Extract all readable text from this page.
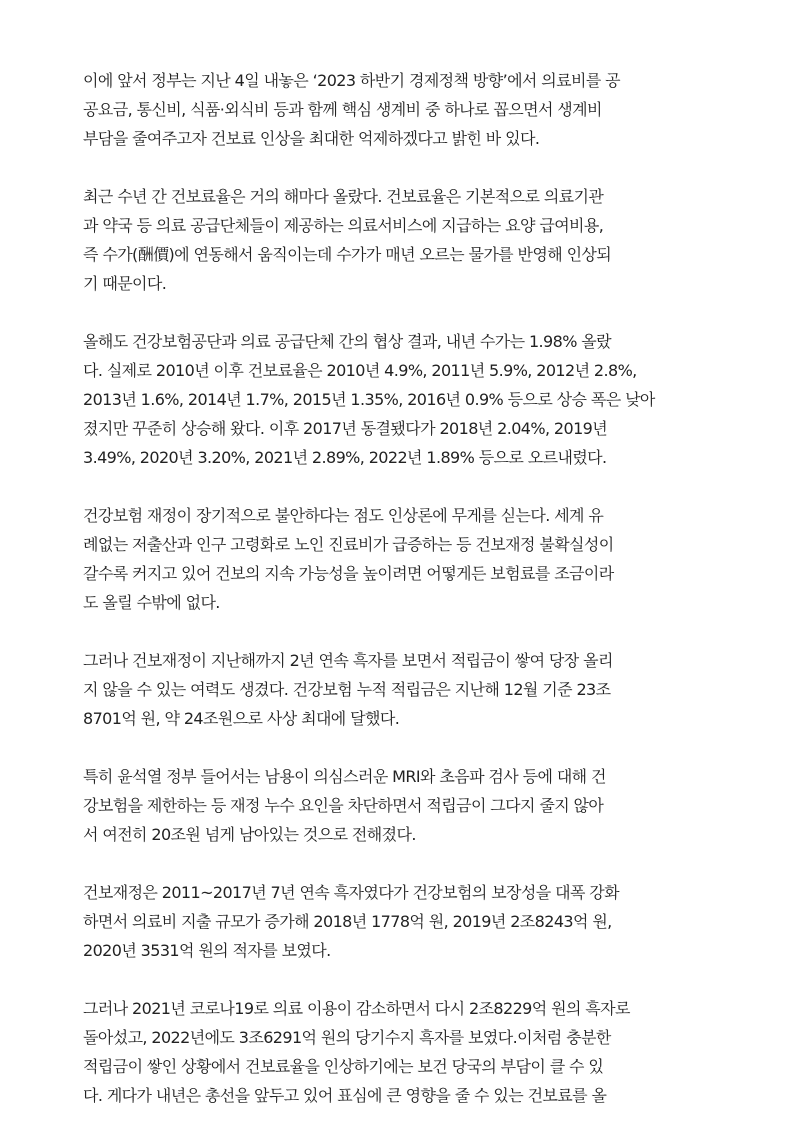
이에 앞서 정부는 지난 4일 내놓은 ‘2023 하반기 경제정책 방향’에서 의료비를 공
공요금, 통신비, 식품·외식비 등과 함께 핵심 생계비 중 하나로 꼽으면서 생계비
부담을 줄여주고자 건보료 인상을 최대한 억제하겠다고 밝힌 바 있다.

최근 수년 간 건보료율은 거의 해마다 올랐다. 건보료율은 기본적으로 의료기관
과 약국 등 의료 공급단체들이 제공하는 의료서비스에 지급하는 요양 급여비용,
즉 수가(酬價)에 연동해서 움직이는데 수가가 매년 오르는 물가를 반영해 인상되
기 때문이다.

올해도 건강보험공단과 의료 공급단체 간의 협상 결과, 내년 수가는 1.98% 올랐
다. 실제로 2010년 이후 건보료율은 2010년 4.9%, 2011년 5.9%, 2012년 2.8%,
2013년 1.6%, 2014년 1.7%, 2015년 1.35%, 2016년 0.9% 등으로 상승 폭은 낮아
졌지만 꾸준히 상승해 왔다. 이후 2017년 동결됐다가 2018년 2.04%, 2019년
3.49%, 2020년 3.20%, 2021년 2.89%, 2022년 1.89% 등으로 오르내렸다.

건강보험 재정이 장기적으로 불안하다는 점도 인상론에 무게를 싣는다. 세계 유
례없는 저출산과 인구 고령화로 노인 진료비가 급증하는 등 건보재정 불확실성이
갈수록 커지고 있어 건보의 지속 가능성을 높이려면 어떻게든 보험료를 조금이라
도 올릴 수밖에 없다.

그러나 건보재정이 지난해까지 2년 연속 흑자를 보면서 적립금이 쌓여 당장 올리
지 않을 수 있는 여력도 생겼다. 건강보험 누적 적립금은 지난해 12월 기준 23조
8701억 원, 약 24조원으로 사상 최대에 달했다.

특히 윤석열 정부 들어서는 남용이 의심스러운 MRI와 초음파 검사 등에 대해 건
강보험을 제한하는 등 재정 누수 요인을 차단하면서 적립금이 그다지 줄지 않아
서 여전히 20조원 넘게 남아있는 것으로 전해졌다.

건보재정은 2011~2017년 7년 연속 흑자였다가 건강보험의 보장성을 대폭 강화
하면서 의료비 지출 규모가 증가해 2018년 1778억 원, 2019년 2조8243억 원,
2020년 3531억 원의 적자를 보였다.

그러나 2021년 코로나19로 의료 이용이 감소하면서 다시 2조8229억 원의 흑자로
돌아섰고, 2022년에도 3조6291억 원의 당기수지 흑자를 보였다.이처럼 충분한
적립금이 쌓인 상황에서 건보료율을 인상하기에는 보건 당국의 부담이 클 수 있
다. 게다가 내년은 총선을 앞두고 있어 표심에 큰 영향을 줄 수 있는 건보료를 올
